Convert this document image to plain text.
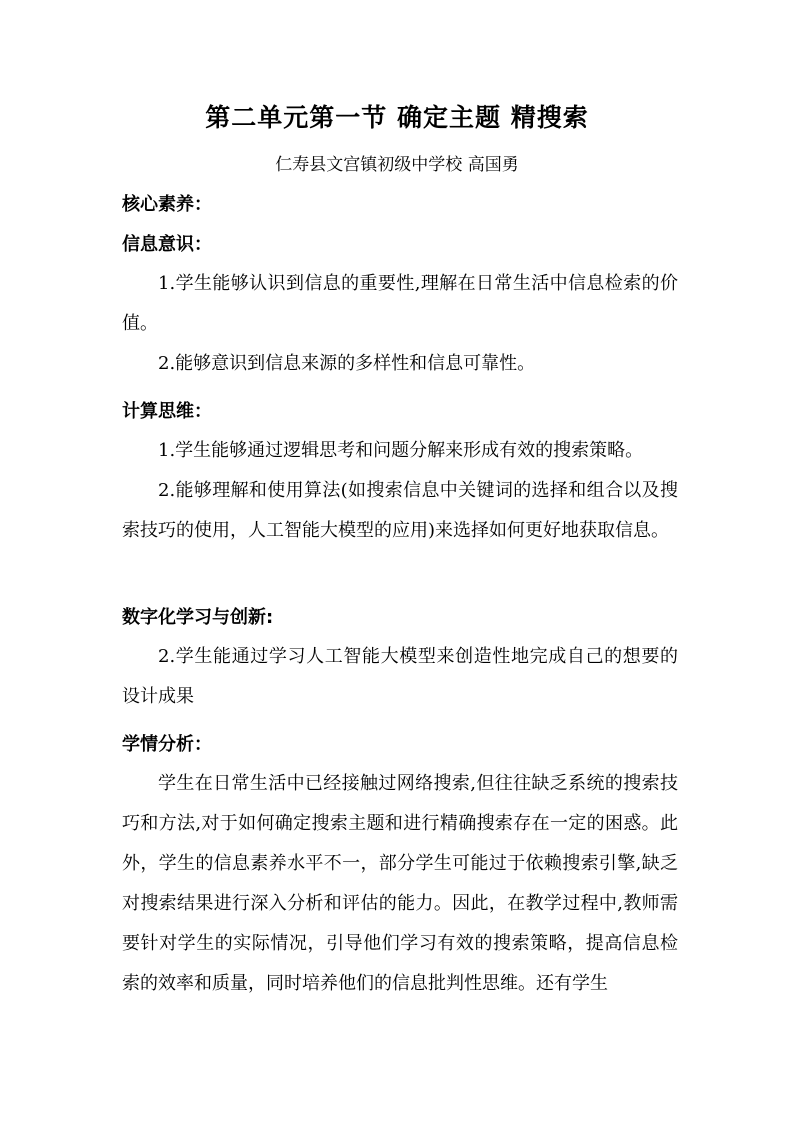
第二单元第一节 确定主题 精搜索
仁寿县文宫镇初级中学校 高国勇
核心素养：
信息意识：
1.学生能够认识到信息的重要性,理解在日常生活中信息检索的价值。
2.能够意识到信息来源的多样性和信息可靠性。
计算思维：
1.学生能够通过逻辑思考和问题分解来形成有效的搜索策略。
2.能够理解和使用算法(如搜索信息中关键词的选择和组合以及搜索技巧的使用，人工智能大模型的应用)来选择如何更好地获取信息。
数字化学习与创新:
2.学生能通过学习人工智能大模型来创造性地完成自己的想要的设计成果
学情分析：
学生在日常生活中已经接触过网络搜索,但往往缺乏系统的搜索技巧和方法,对于如何确定搜索主题和进行精确搜索存在一定的困惑。此外，学生的信息素养水平不一，部分学生可能过于依赖搜索引擎,缺乏对搜索结果进行深入分析和评估的能力。因此，在教学过程中,教师需要针对学生的实际情况，引导他们学习有效的搜索策略，提高信息检索的效率和质量，同时培养他们的信息批判性思维。还有学生
